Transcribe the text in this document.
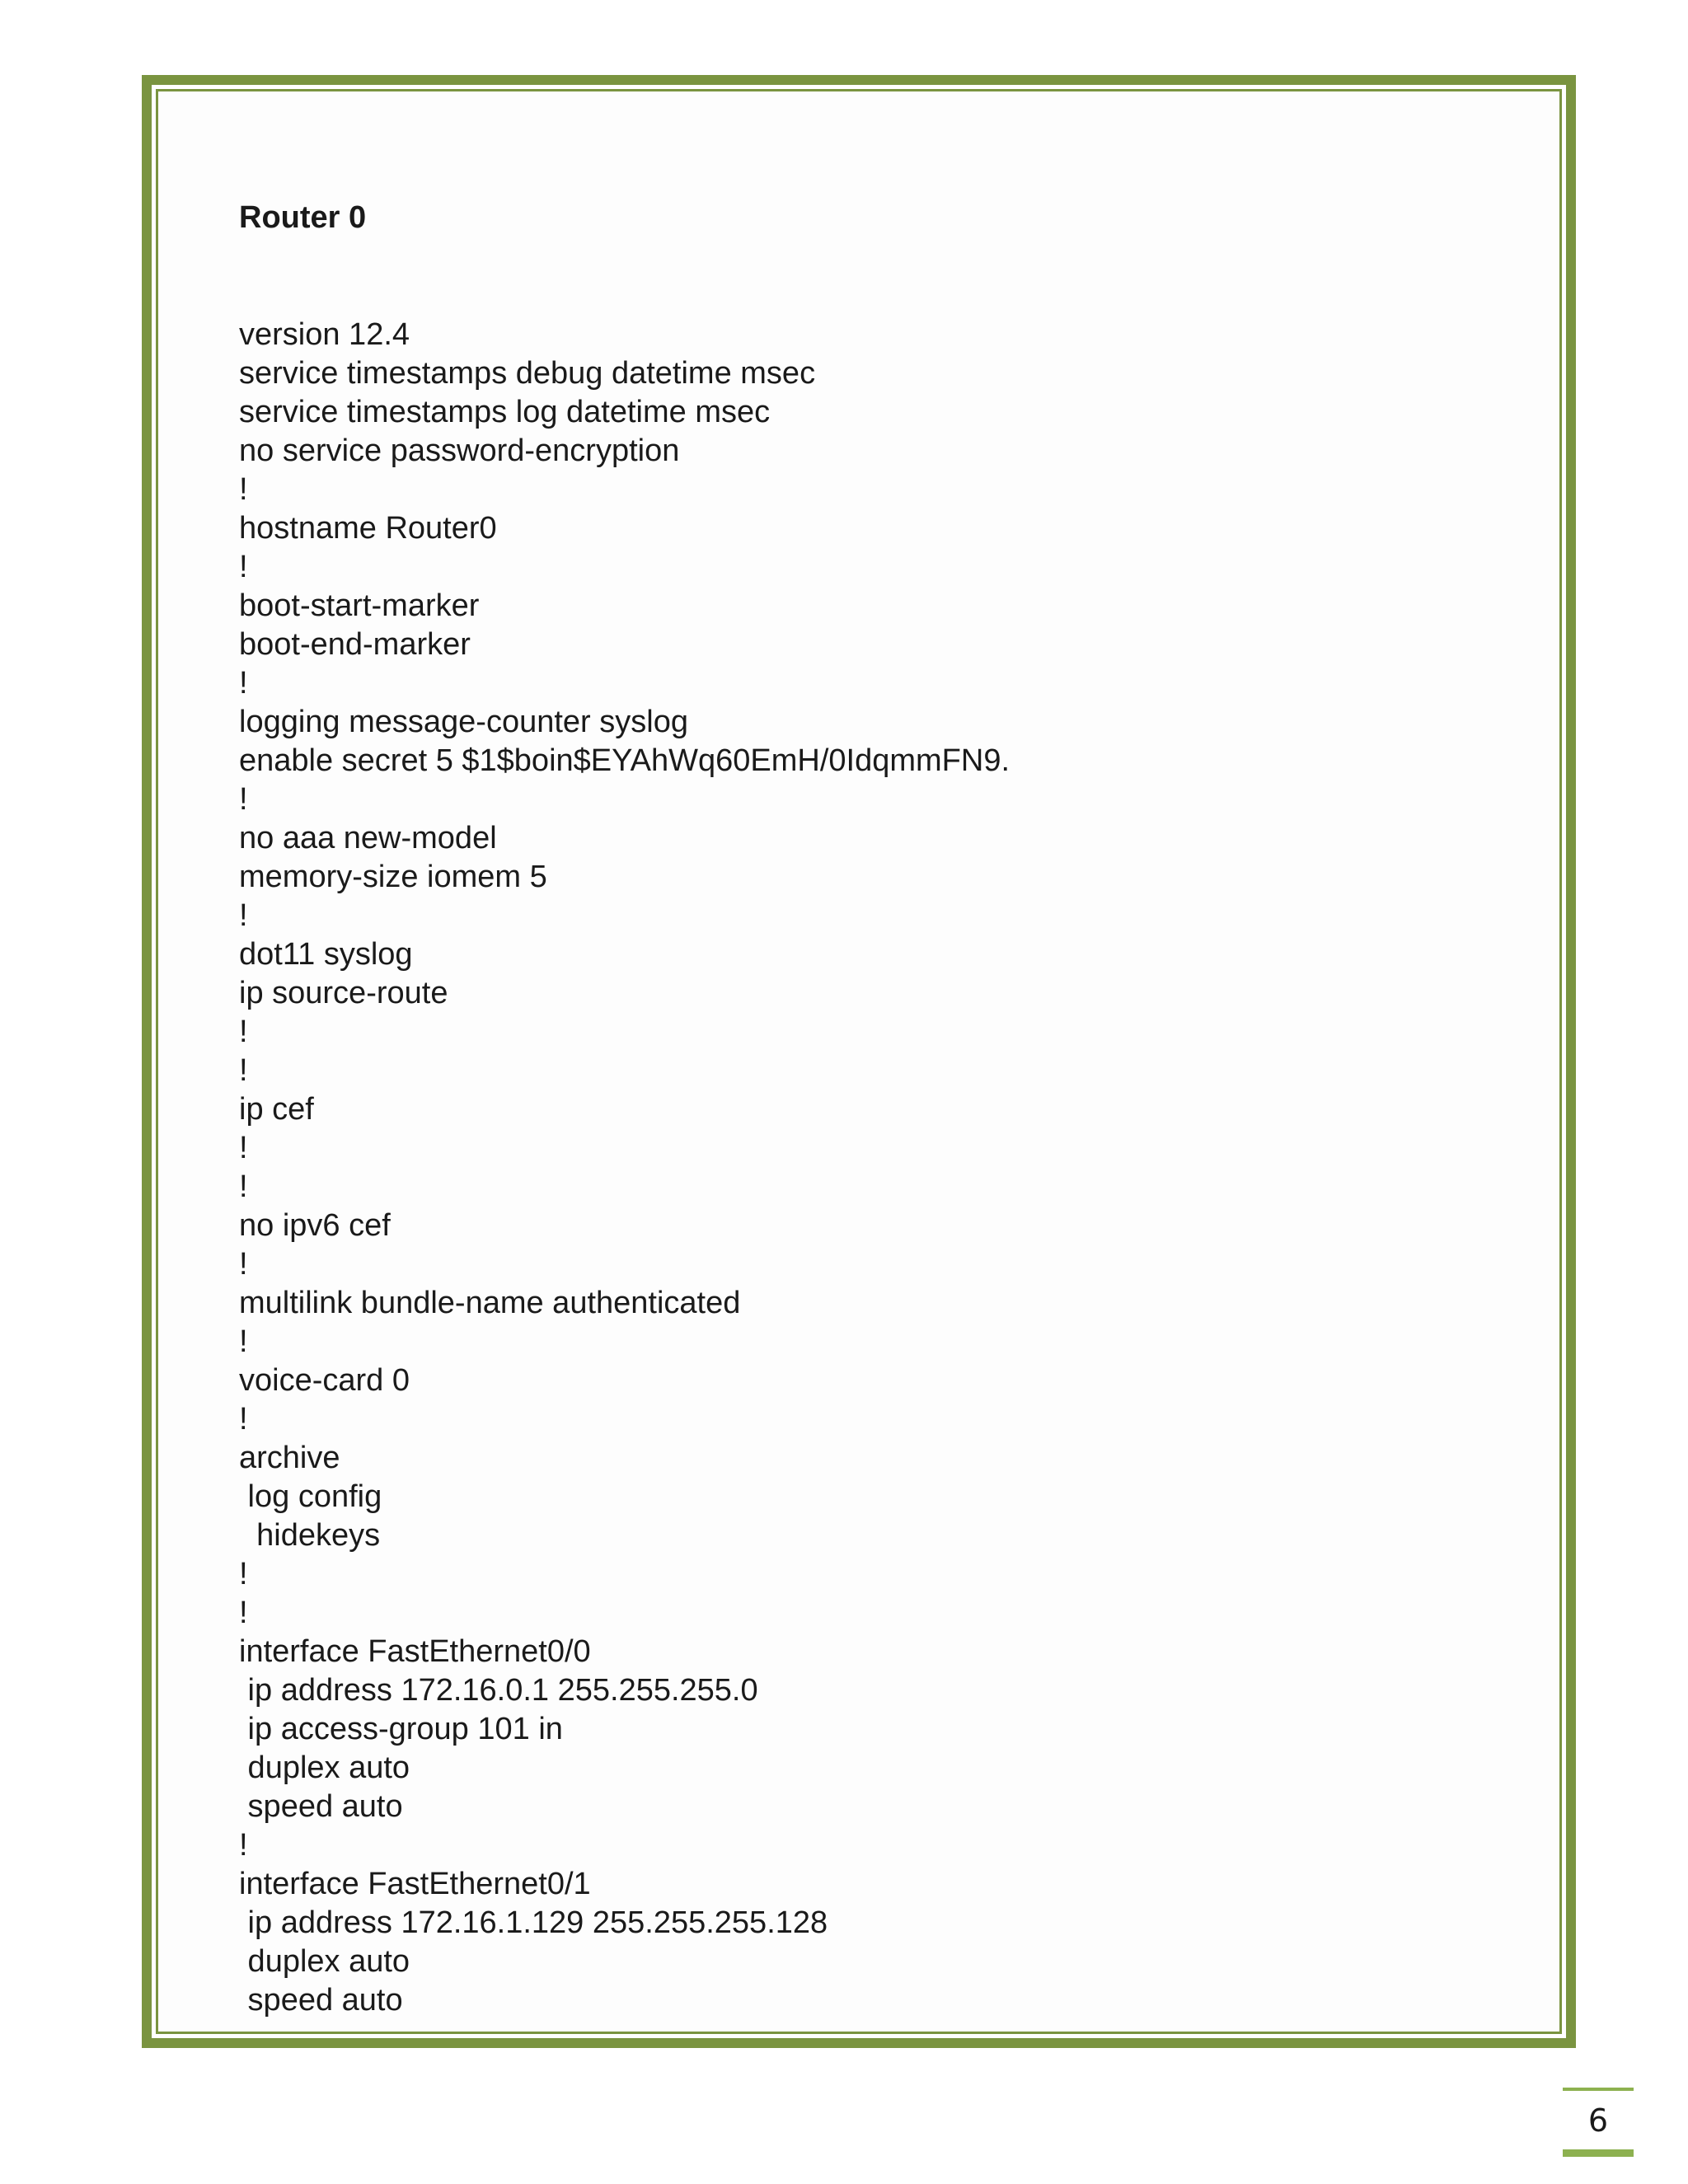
Router 0
version 12.4
service timestamps debug datetime msec
service timestamps log datetime msec
no service password-encryption
!
hostname Router0
!
boot-start-marker
boot-end-marker
!
logging message-counter syslog
enable secret 5 $1$boin$EYAhWq60EmH/0IdqmmFN9.
!
no aaa new-model
memory-size iomem 5
!
dot11 syslog
ip source-route
!
!
ip cef
!
!
no ipv6 cef
!
multilink bundle-name authenticated
!
voice-card 0
!
archive
log config
hidekeys
!
!
interface FastEthernet0/0
ip address 172.16.0.1 255.255.255.0
ip access-group 101 in
duplex auto
speed auto
!
interface FastEthernet0/1
ip address 172.16.1.129 255.255.255.128
duplex auto
speed auto
6
